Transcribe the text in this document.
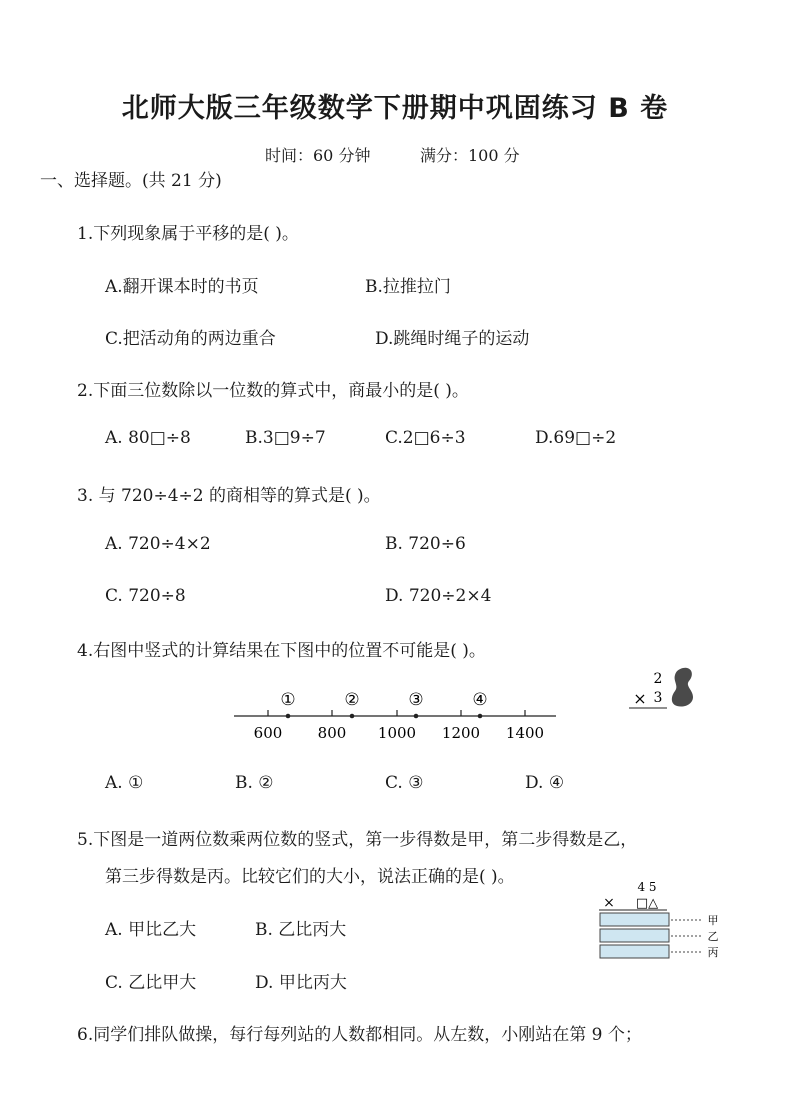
北师大版三年级数学下册期中巩固练习 B 卷
时间：60 分钟	满分：100 分
一、选择题。(共 21 分)
1.下列现象属于平移的是( )。
A.翻开课本时的书页	B.拉推拉门
C.把活动角的两边重合	D.跳绳时绳子的运动
2.下面三位数除以一位数的算式中，商最小的是( )。
A. 80□÷8	B.3□9÷7	C.2□6÷3	D.69□÷2
3. 与 720÷4÷2 的商相等的算式是( )。
A. 720÷4×2	B. 720÷6
C. 720÷8	D. 720÷2×4
4.右图中竖式的计算结果在下图中的位置不可能是( )。
①	②	③	④
600 800 1000 1200 1400
2
× 3
A. ①	B. ②	C. ③	D. ④
5.下图是一道两位数乘两位数的竖式，第一步得数是甲，第二步得数是乙，
第三步得数是丙。比较它们的大小，说法正确的是( )。	4 5
× □△
甲
乙
丙
A. 甲比乙大	B. 乙比丙大
C. 乙比甲大	D. 甲比丙大
6.同学们排队做操，每行每列站的人数都相同。从左数，小刚站在第 9 个；
